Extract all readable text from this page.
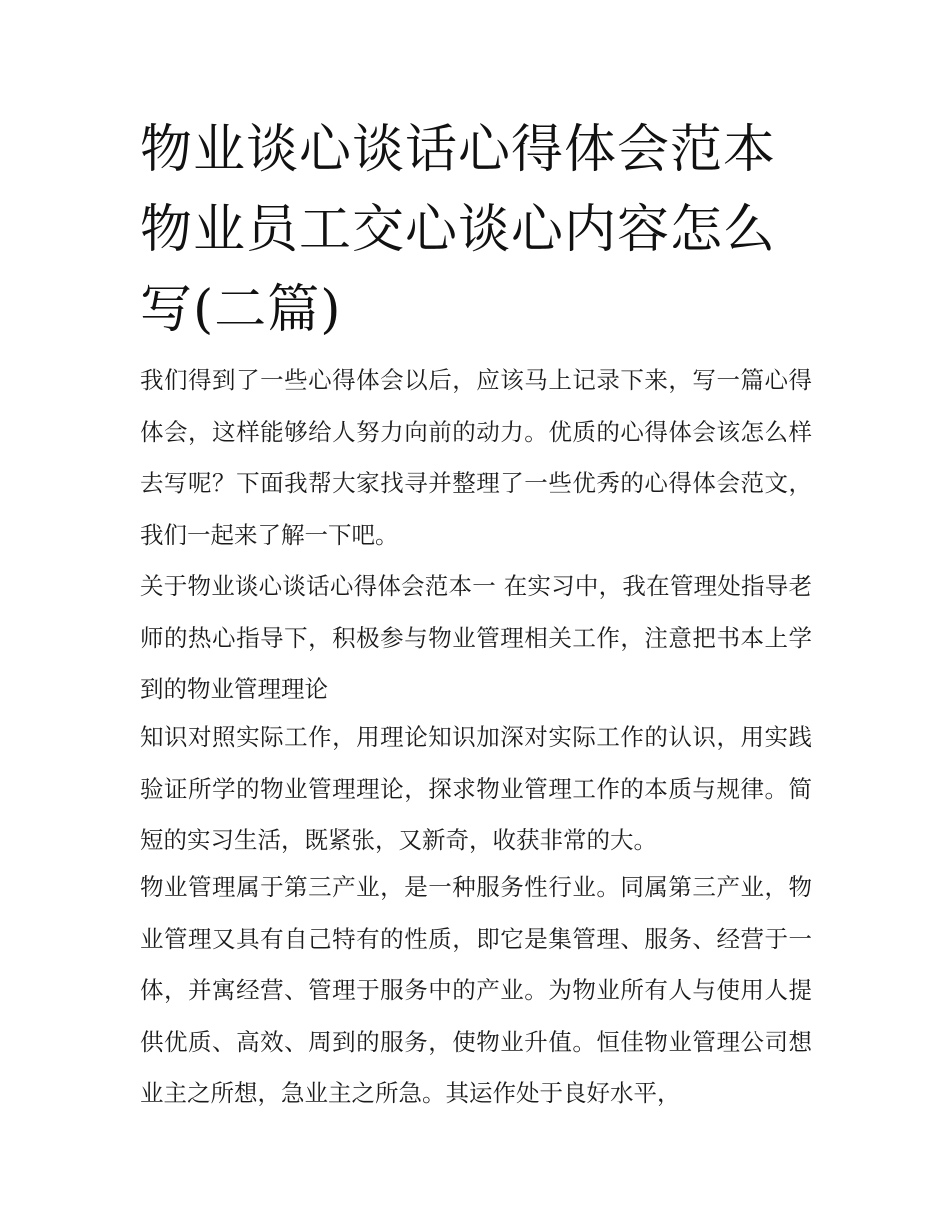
物业谈心谈话心得体会范本 物业员工交心谈心内容怎么写(二篇)

我们得到了一些心得体会以后，应该马上记录下来，写一篇心得体会，这样能够给人努力向前的动力。优质的心得体会该怎么样去写呢？下面我帮大家找寻并整理了一些优秀的心得体会范文，我们一起来了解一下吧。

关于物业谈心谈话心得体会范本一 在实习中，我在管理处指导老师的热心指导下，积极参与物业管理相关工作，注意把书本上学到的物业管理理论

知识对照实际工作，用理论知识加深对实际工作的认识，用实践验证所学的物业管理理论，探求物业管理工作的本质与规律。简短的实习生活，既紧张，又新奇，收获非常的大。

物业管理属于第三产业，是一种服务性行业。同属第三产业，物业管理又具有自己特有的性质，即它是集管理、服务、经营于一体，并寓经营、管理于服务中的产业。为物业所有人与使用人提供优质、高效、周到的服务，使物业升值。恒佳物业管理公司想业主之所想，急业主之所急。其运作处于良好水平，
